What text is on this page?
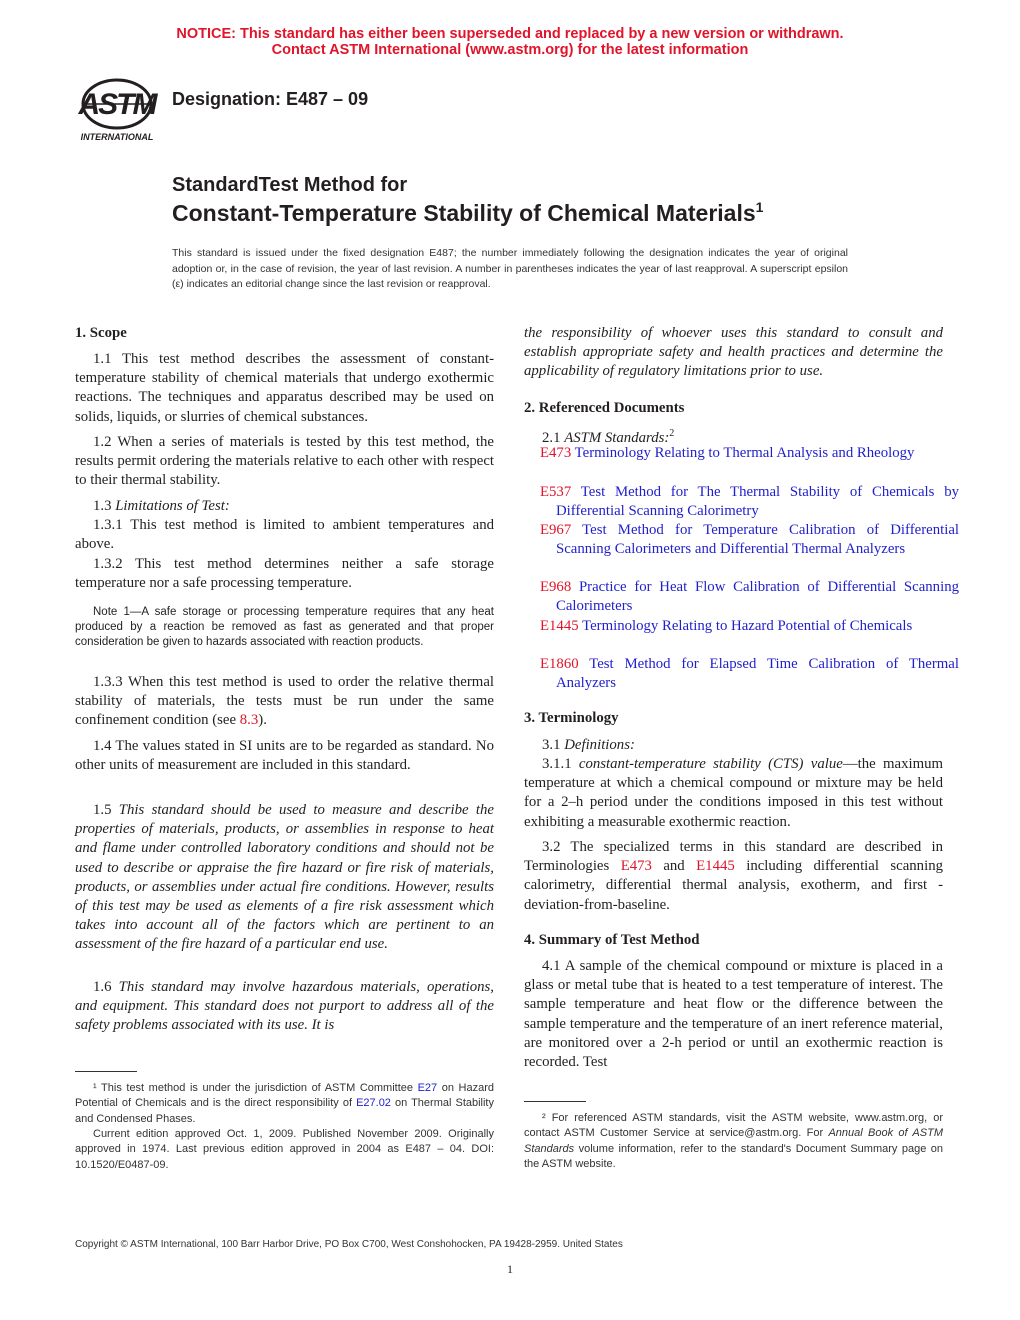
NOTICE: This standard has either been superseded and replaced by a new version or withdrawn.
Contact ASTM International (www.astm.org) for the latest information
ASTM
INTERNATIONAL
Designation: E487 – 09
StandardTest Method for
Constant-Temperature Stability of Chemical Materials$^1$
This standard is issued under the fixed designation E487; the number immediately following the designation indicates the year of original adoption or, in the case of revision, the year of last revision. A number in parentheses indicates the year of last reapproval. A superscript epsilon (ε) indicates an editorial change since the last revision or reapproval.
1. Scope

1.1 This test method describes the assessment of constant-temperature stability of chemical materials that undergo exothermic reactions. The techniques and apparatus described may be used on solids, liquids, or slurries of chemical substances.

1.2 When a series of materials is tested by this test method, the results permit ordering the materials relative to each other with respect to their thermal stability.

1.3 Limitations of Test:

1.3.1 This test method is limited to ambient temperatures and above.

1.3.2 This test method determines neither a safe storage temperature nor a safe processing temperature.

Note 1—A safe storage or processing temperature requires that any heat produced by a reaction be removed as fast as generated and that proper consideration be given to hazards associated with reaction products.

1.3.3 When this test method is used to order the relative thermal stability of materials, the tests must be run under the same confinement condition (see 8.3).

1.4 The values stated in SI units are to be regarded as standard. No other units of measurement are included in this standard.

1.5 This standard should be used to measure and describe the properties of materials, products, or assemblies in response to heat and flame under controlled laboratory conditions and should not be used to describe or appraise the fire hazard or fire risk of materials, products, or assemblies under actual fire conditions. However, results of this test may be used as elements of a fire risk assessment which takes into account all of the factors which are pertinent to an assessment of the fire hazard of a particular end use.

1.6 This standard may involve hazardous materials, operations, and equipment. This standard does not purport to address all of the safety problems associated with its use. It is

¹ This test method is under the jurisdiction of ASTM Committee E27 on Hazard Potential of Chemicals and is the direct responsibility of E27.02 on Thermal Stability and Condensed Phases.

Current edition approved Oct. 1, 2009. Published November 2009. Originally approved in 1974. Last previous edition approved in 2004 as E487 – 04. DOI: 10.1520/E0487-09.

the responsibility of whoever uses this standard to consult and establish appropriate safety and health practices and determine the applicability of regulatory limitations prior to use.

2. Referenced Documents

2.1 ASTM Standards:$^2$

E473 Terminology Relating to Thermal Analysis and Rheology

E537 Test Method for The Thermal Stability of Chemicals by Differential Scanning Calorimetry

E967 Test Method for Temperature Calibration of Differential Scanning Calorimeters and Differential Thermal Analyzers

E968 Practice for Heat Flow Calibration of Differential Scanning Calorimeters

E1445 Terminology Relating to Hazard Potential of Chemicals

E1860 Test Method for Elapsed Time Calibration of Thermal Analyzers

3. Terminology

3.1 Definitions:

3.1.1 constant-temperature stability (CTS) value—the maximum temperature at which a chemical compound or mixture may be held for a 2–h period under the conditions imposed in this test without exhibiting a measurable exothermic reaction.

3.2 The specialized terms in this standard are described in Terminologies E473 and E1445 including differential scanning calorimetry, differential thermal analysis, exotherm, and first -deviation-from-baseline.

4. Summary of Test Method

4.1 A sample of the chemical compound or mixture is placed in a glass or metal tube that is heated to a test temperature of interest. The sample temperature and heat flow or the difference between the sample temperature and the temperature of an inert reference material, are monitored over a 2-h period or until an exothermic reaction is recorded. Test

² For referenced ASTM standards, visit the ASTM website, www.astm.org, or contact ASTM Customer Service at service@astm.org. For Annual Book of ASTM Standards volume information, refer to the standard's Document Summary page on the ASTM website.

Copyright © ASTM International, 100 Barr Harbor Drive, PO Box C700, West Conshohocken, PA 19428-2959. United States
1
